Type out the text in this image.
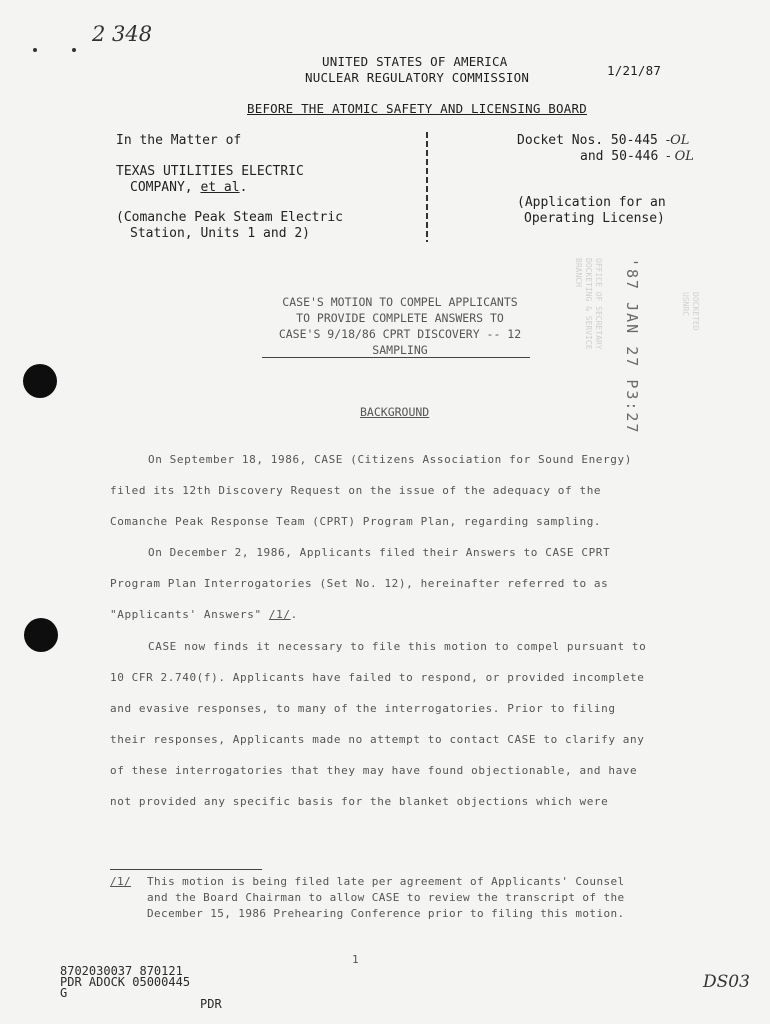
2 348
UNITED STATES OF AMERICA
NUCLEAR REGULATORY COMMISSION	1/21/87
BEFORE THE ATOMIC SAFETY AND LICENSING BOARD
In the Matter of
TEXAS UTILITIES ELECTRIC
COMPANY, et al.
(Comanche Peak Steam Electric
Station, Units 1 and 2)
Docket Nos. 50-445 -OL
and 50-446 - OL
(Application for an
Operating License)
OFFICE OF SECRETARY
DOCKETING & SERVICE
BRANCH
DOCKETED
USNRC
'87 JAN 27 P3:27
CASE'S MOTION TO COMPEL APPLICANTS
TO PROVIDE COMPLETE ANSWERS TO
CASE'S 9/18/86 CPRT DISCOVERY -- 12
SAMPLING
BACKGROUND
On September 18, 1986, CASE (Citizens Association for Sound Energy)
filed its 12th Discovery Request on the issue of the adequacy of the
Comanche Peak Response Team (CPRT) Program Plan, regarding sampling.
On December 2, 1986, Applicants filed their Answers to CASE CPRT
Program Plan Interrogatories (Set No. 12), hereinafter referred to as
"Applicants' Answers" /1/.
CASE now finds it necessary to file this motion to compel pursuant to
10 CFR 2.740(f). Applicants have failed to respond, or provided incomplete
and evasive responses, to many of the interrogatories. Prior to filing
their responses, Applicants made no attempt to contact CASE to clarify any
of these interrogatories that they may have found objectionable, and have
not provided any specific basis for the blanket objections which were
/1/ This motion is being filed late per agreement of Applicants' Counsel
and the Board Chairman to allow CASE to review the transcript of the
December 15, 1986 Prehearing Conference prior to filing this motion.
1
8702030037 870121
PDR ADOCK 05000445
G
PDR
DS03
